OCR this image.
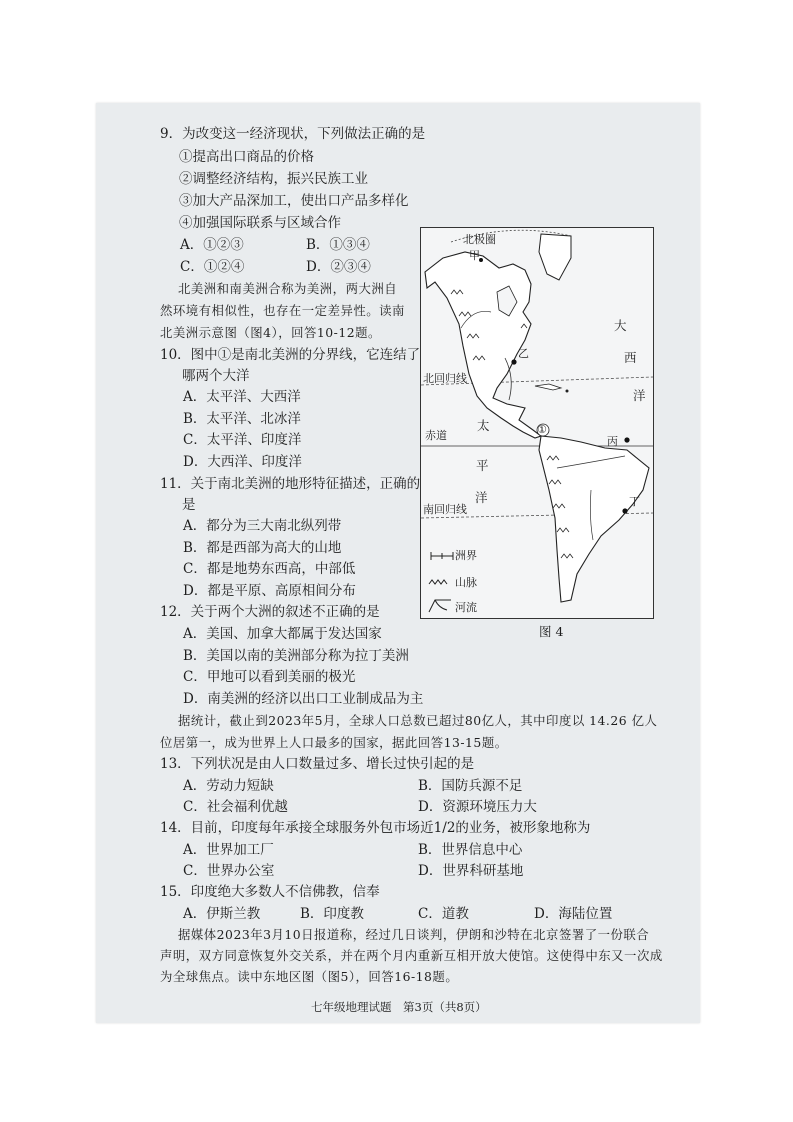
9．为改变这一经济现状，下列做法正确的是
①提高出口商品的价格
②调整经济结构，振兴民族工业
③加大产品深加工，使出口产品多样化
④加强国际联系与区域合作
A．①②③	B．①③④
C．①②④	D．②③④
北美洲和南美洲合称为美洲，两大洲自
然环境有相似性，也存在一定差异性。读南
北美洲示意图（图4），回答10-12题。
10．图中①是南北美洲的分界线，它连结了
哪两个大洋
A．太平洋、大西洋
B．太平洋、北冰洋
C．太平洋、印度洋
D．大西洋、印度洋
11．关于南北美洲的地形特征描述，正确的
是
A．都分为三大南北纵列带
B．都是西部为高大的山地
C．都是地势东西高，中部低
D．都是平原、高原相间分布
12．关于两个大洲的叙述不正确的是
A．美国、加拿大都属于发达国家
B．美国以南的美洲部分称为拉丁美洲
C．甲地可以看到美丽的极光
D．南美洲的经济以出口工业制成品为主
北极圈
甲
乙
北回归线
赤道	①
丙
丁
南回归线
大
西
洋
太
平
洋
洲界
山脉
河流
图 4
据统计，截止到2023年5月，全球人口总数已超过80亿人，其中印度以 14.26 亿人
位居第一，成为世界上人口最多的国家，据此回答13-15题。
13．下列状况是由人口数量过多、增长过快引起的是
A．劳动力短缺	B．国防兵源不足
C．社会福利优越	D．资源环境压力大
14．目前，印度每年承接全球服务外包市场近1/2的业务，被形象地称为
A．世界加工厂	B．世界信息中心
C．世界办公室	D．世界科研基地
15．印度绝大多数人不信佛教，信奉
A．伊斯兰教	B．印度教	C．道教	D．海陆位置
据媒体2023年3月10日报道称，经过几日谈判，伊朗和沙特在北京签署了一份联合
声明，双方同意恢复外交关系，并在两个月内重新互相开放大使馆。这使得中东又一次成
为全球焦点。读中东地区图（图5），回答16-18题。
七年级地理试题　第3页（共8页）
